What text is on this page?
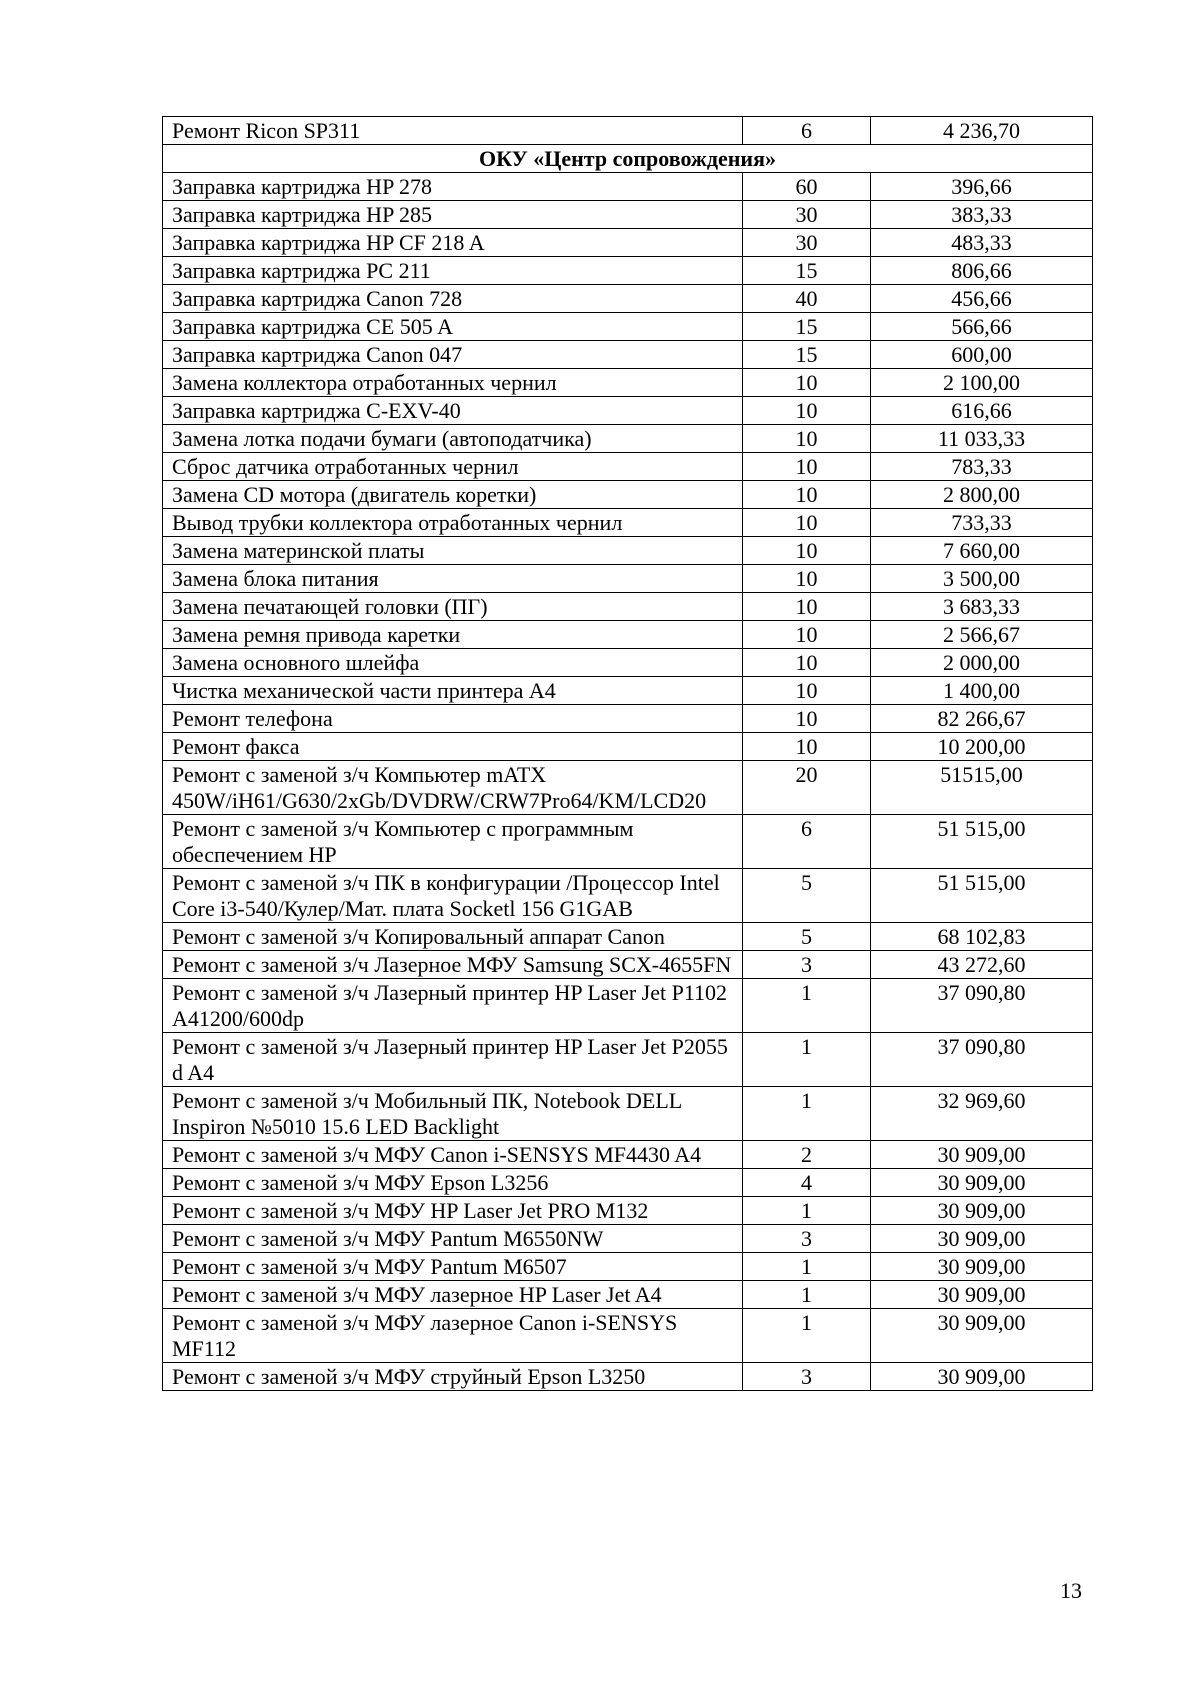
Ремонт Ricon SP311	6	4 236,70
ОКУ «Центр сопровождения»		
Заправка картриджа HP 278	60	396,66
Заправка картриджа HP 285	30	383,33
Заправка картриджа HP CF 218 A	30	483,33
Заправка картриджа PC 211	15	806,66
Заправка картриджа Canon 728	40	456,66
Заправка картриджа CE 505 A	15	566,66
Заправка картриджа Canon 047	15	600,00
Замена коллектора отработанных чернил	10	2 100,00
Заправка картриджа C-EXV-40	10	616,66
Замена лотка подачи бумаги (автоподатчика)	10	11 033,33
Сброс датчика отработанных чернил	10	783,33
Замена CD мотора (двигатель коретки)	10	2 800,00
Вывод трубки коллектора отработанных чернил	10	733,33
Замена материнской платы	10	7 660,00
Замена блока питания	10	3 500,00
Замена печатающей головки (ПГ)	10	3 683,33
Замена ремня привода каретки	10	2 566,67
Замена основного шлейфа	10	2 000,00
Чистка механической части принтера А4	10	1 400,00
Ремонт телефона	10	82 266,67
Ремонт факса	10	10 200,00
Ремонт с заменой з/ч Компьютер mATX 450W/iH61/G630/2xGb/DVDRW/CRW7Pro64/KM/LCD20	20	51515,00
Ремонт с заменой з/ч Компьютер с программным обеспечением HP	6	51 515,00
Ремонт с заменой з/ч ПК в конфигурации /Процессор Intel Core i3-540/Кулер/Мат. плата Socketl 156 G1GAB	5	51 515,00
Ремонт с заменой з/ч Копировальный аппарат Canon	5	68 102,83
Ремонт с заменой з/ч Лазерное МФУ Samsung SCX-4655FN	3	43 272,60
Ремонт с заменой з/ч Лазерный принтер HP Laser Jet P1102 A41200/600dp	1	37 090,80
Ремонт с заменой з/ч Лазерный принтер HP Laser Jet P2055 d A4	1	37 090,80
Ремонт с заменой з/ч Мобильный ПК, Notebook DELL Inspiron №5010 15.6 LED Backlight	1	32 969,60
Ремонт с заменой з/ч МФУ Canon i-SENSYS MF4430 A4	2	30 909,00
Ремонт с заменой з/ч МФУ Epson L3256	4	30 909,00
Ремонт с заменой з/ч МФУ HP Laser Jet PRO M132	1	30 909,00
Ремонт с заменой з/ч МФУ Pantum M6550NW	3	30 909,00
Ремонт с заменой з/ч МФУ Pantum M6507	1	30 909,00
Ремонт с заменой з/ч МФУ лазерное HP Laser Jet A4	1	30 909,00
Ремонт с заменой з/ч МФУ лазерное Canon i-SENSYS MF112	1	30 909,00
Ремонт с заменой з/ч МФУ струйный Epson L3250	3	30 909,00
13
